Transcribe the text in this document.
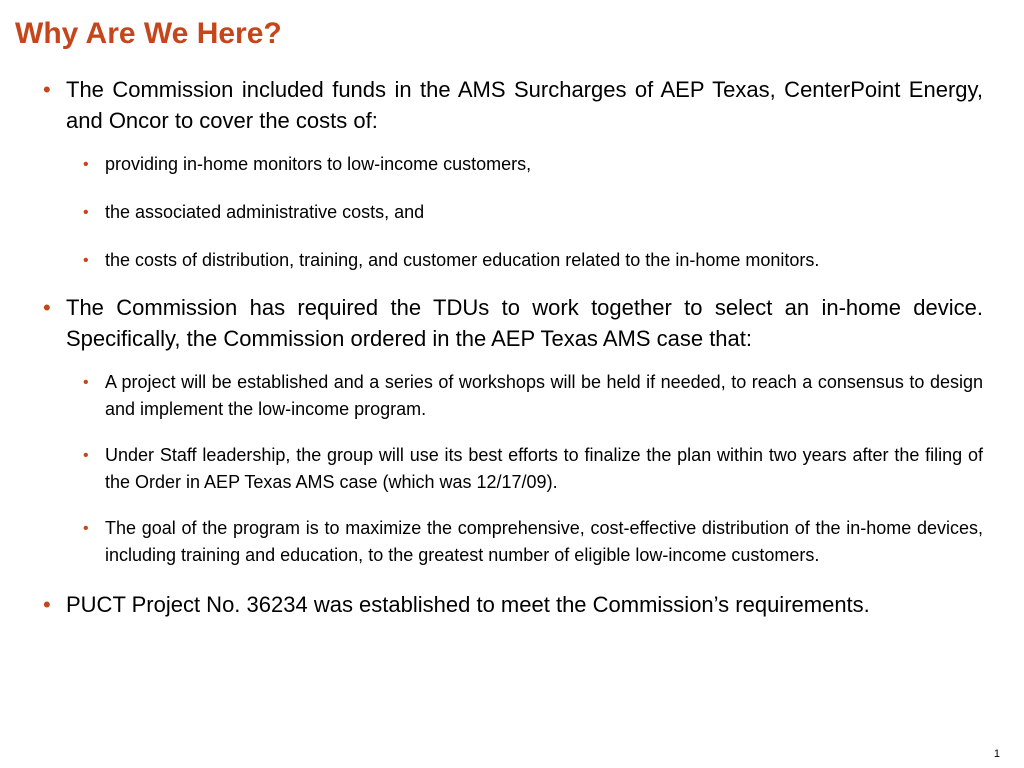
Why Are We Here?
• The Commission included funds in the AMS Surcharges of AEP Texas, CenterPoint Energy, and Oncor to cover the costs of:
• providing in-home monitors to low-income customers,
• the associated administrative costs, and
• the costs of distribution, training, and customer education related to the in-home monitors.
• The Commission has required the TDUs to work together to select an in-home device. Specifically, the Commission ordered in the AEP Texas AMS case that:
• A project will be established and a series of workshops will be held if needed, to reach a consensus to design and implement the low-income program.
• Under Staff leadership, the group will use its best efforts to finalize the plan within two years after the filing of the Order in AEP Texas AMS case (which was 12/17/09).
• The goal of the program is to maximize the comprehensive, cost-effective distribution of the in-home devices, including training and education, to the greatest number of eligible low-income customers.
• PUCT Project No. 36234 was established to meet the Commission’s requirements.
1
